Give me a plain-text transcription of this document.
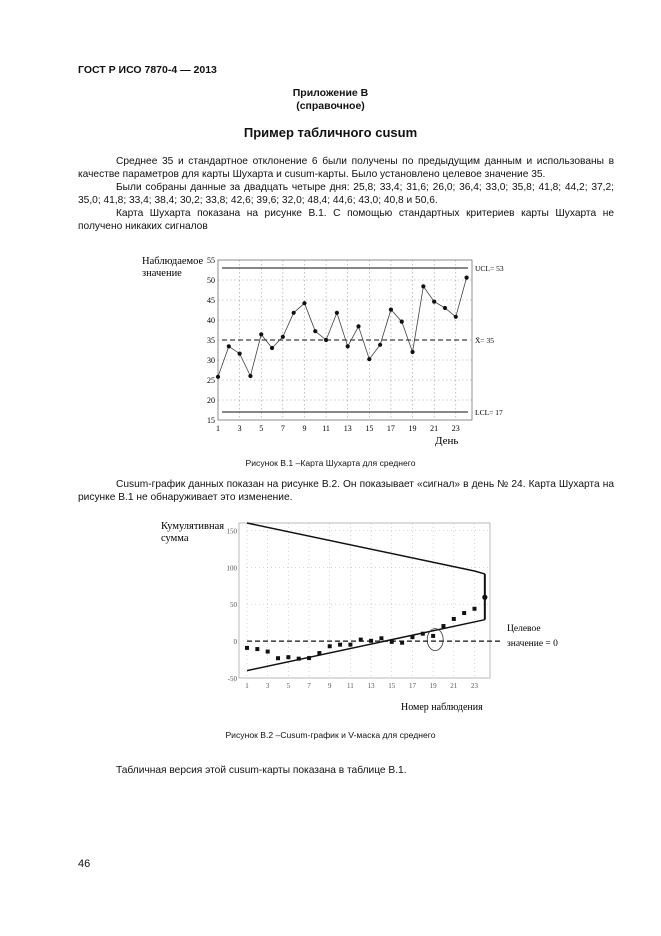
ГОСТ Р ИСО 7870-4 — 2013
Приложение В
(справочное)
Пример табличного cusum

Среднее 35 и стандартное отклонение 6 были получены по предыдущим данным и использованы в качестве параметров для карты Шухарта и cusum-карты. Было установлено целевое значение 35.

Были собраны данные за двадцать четыре дня: 25,8; 33,4; 31,6; 26,0; 36,4; 33,0; 35,8; 41,8; 44,2; 37,2; 35,0; 41,8; 33,4; 38,4; 30,2; 33,8; 42,6; 39,6; 32,0; 48,4; 44,6; 43,0; 40,8 и 50,6.

Карта Шухарта показана на рисунке В.1. С помощью стандартных критериев карты Шухарта не получено никаких сигналов

Наблюдаемое
значение
День
15
20
25
30
35
40
45
50
55
1 3 5 7 9 11 13 15 17 19 21 23
UCL= 53
X̄= 35
LCL= 17
Рисунок В.1 –Карта Шухарта для среднего

Cusum-график данных показан на рисунке В.2. Он показывает «сигнал» в день № 24. Карта Шухарта на рисунке В.1 не обнаруживает это изменение.

Кумулятивная
сумма
Номер наблюдения
Целевое
значение = 0
-50
0
50
100
150
1 3 5 7 9 11 13 15 17 19 21 23
Рисунок В.2 –Cusum-график и V-маска для среднего

Табличная версия этой cusum-карты показана в таблице В.1.

46
